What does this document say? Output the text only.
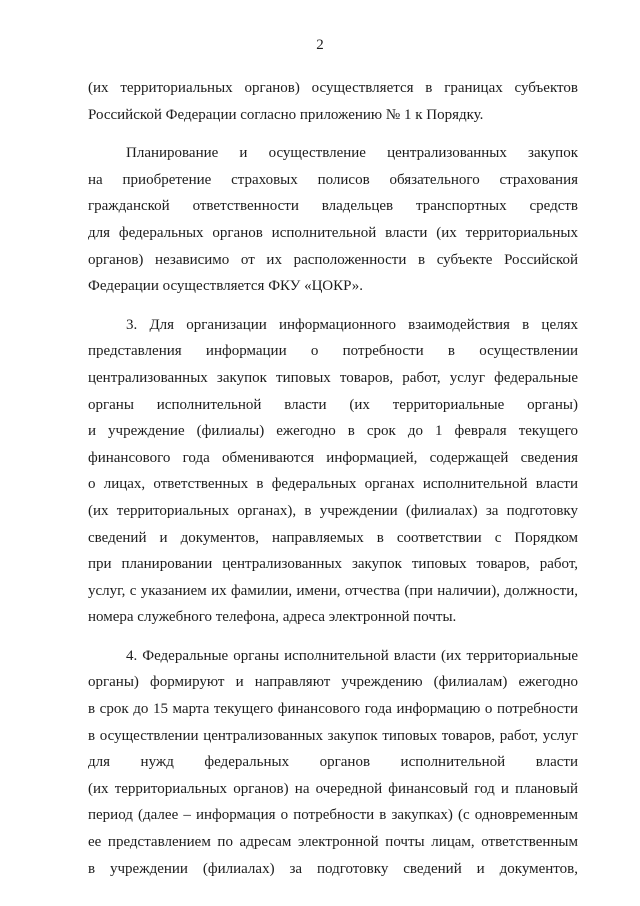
2
(их территориальных органов) осуществляется в границах субъектов
Российской Федерации согласно приложению № 1 к Порядку.
Планирование и осуществление централизованных закупок
на приобретение страховых полисов обязательного страхования
гражданской ответственности владельцев транспортных средств
для федеральных органов исполнительной власти (их территориальных
органов) независимо от их расположенности в субъекте Российской
Федерации осуществляется ФКУ «ЦОКР».
3. Для организации информационного взаимодействия в целях
представления информации о потребности в осуществлении
централизованных закупок типовых товаров, работ, услуг федеральные
органы исполнительной власти (их территориальные органы)
и учреждение (филиалы) ежегодно в срок до 1 февраля текущего
финансового года обмениваются информацией, содержащей сведения
о лицах, ответственных в федеральных органах исполнительной власти
(их территориальных органах), в учреждении (филиалах) за подготовку
сведений и документов, направляемых в соответствии с Порядком
при планировании централизованных закупок типовых товаров, работ,
услуг, с указанием их фамилии, имени, отчества (при наличии), должности,
номера служебного телефона, адреса электронной почты.
4. Федеральные органы исполнительной власти (их территориальные
органы) формируют и направляют учреждению (филиалам) ежегодно
в срок до 15 марта текущего финансового года информацию о потребности
в осуществлении централизованных закупок типовых товаров, работ, услуг
для нужд федеральных органов исполнительной власти
(их территориальных органов) на очередной финансовый год и плановый
период (далее – информация о потребности в закупках) (с одновременным
ее представлением по адресам электронной почты лицам, ответственным
в учреждении (филиалах) за подготовку сведений и документов,
